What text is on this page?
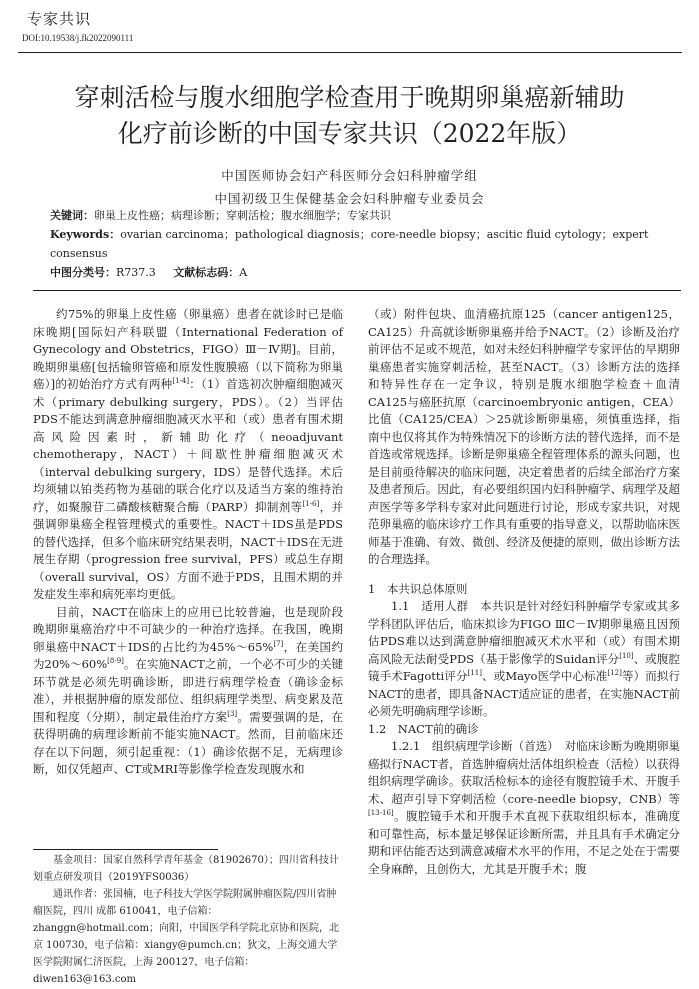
专家共识
DOI:10.19538/j.fk2022090111
穿刺活检与腹水细胞学检查用于晚期卵巢癌新辅助
化疗前诊断的中国专家共识（2022年版）
中国医师协会妇产科医师分会妇科肿瘤学组
中国初级卫生保健基金会妇科肿瘤专业委员会
关键词：卵巢上皮性癌；病理诊断；穿刺活检；腹水细胞学；专家共识
Keywords：ovarian carcinoma；pathological diagnosis；core-needle biopsy；ascitic fluid cytology；expert consensus
中图分类号：R737.3 文献标志码：A

约75%的卵巢上皮性癌（卵巢癌）患者在就诊时已是临床晚期[国际妇产科联盟（International Federation of Gynecology and Obstetrics，FIGO）Ⅲ－Ⅳ期]。目前，晚期卵巢癌[包括输卵管癌和原发性腹膜癌（以下简称为卵巢癌）]的初始治疗方式有两种[1-4]：（1）首选初次肿瘤细胞减灭术（primary debulking surgery，PDS）。（2）当评估PDS不能达到满意肿瘤细胞减灭水平和（或）患者有围术期高风险因素时，新辅助化疗（neoadjuvant chemotherapy，NACT）＋间歇性肿瘤细胞减灭术（interval debulking surgery，IDS）是替代选择。术后均须辅以铂类药物为基础的联合化疗以及适当方案的维持治疗，如聚腺苷二磷酸核糖聚合酶（PARP）抑制剂等[1-6]，并强调卵巢癌全程管理模式的重要性。NACT＋IDS虽是PDS的替代选择，但多个临床研究结果表明，NACT＋IDS在无进展生存期（progression free survival，PFS）或总生存期（overall survival，OS）方面不逊于PDS，且围术期的并发症发生率和病死率均更低。

目前，NACT在临床上的应用已比较普遍，也是现阶段晚期卵巢癌治疗中不可缺少的一种治疗选择。在我国，晚期卵巢癌中NACT＋IDS的占比约为45%～65%[7]，在美国约为20%～60%[8-9]。在实施NACT之前，一个必不可少的关键环节就是必须先明确诊断，即进行病理学检查（确诊金标准），并根据肿瘤的原发部位、组织病理学类型、病变累及范围和程度（分期），制定最佳治疗方案[3]。需要强调的是，在获得明确的病理诊断前不能实施NACT。然而，目前临床还存在以下问题，须引起重视：（1）确诊依据不足，无病理诊断，如仅凭超声、CT或MRI等影像学检查发现腹水和

基金项目：国家自然科学青年基金（81902670）；四川省科技计划重点研发项目（2019YFS0036）

通讯作者：张国楠，电子科技大学医学院附属肿瘤医院/四川省肿瘤医院，四川 成都 610041，电子信箱：zhanggn@hotmail.com；向阳，中国医学科学院北京协和医院，北京 100730，电子信箱：xiangy@pumch.cn；狄文，上海交通大学医学院附属仁济医院，上海 200127，电子信箱：diwen163@163.com

（或）附件包块、血清癌抗原125（cancer antigen125，CA125）升高就诊断卵巢癌并给予NACT。（2）诊断及治疗前评估不足或不规范，如对未经妇科肿瘤学专家评估的早期卵巢癌患者实施穿刺活检，甚至NACT。（3）诊断方法的选择和特异性存在一定争议，特别是腹水细胞学检查＋血清CA125与癌胚抗原（carcinoembryonic antigen，CEA）比值（CA125/CEA）＞25就诊断卵巢癌，须慎重选择，指南中也仅将其作为特殊情况下的诊断方法的替代选择，而不是首选或常规选择。诊断是卵巢癌全程管理体系的源头问题，也是目前亟待解决的临床问题，决定着患者的后续全部治疗方案及患者预后。因此，有必要组织国内妇科肿瘤学、病理学及超声医学等多学科专家对此问题进行讨论，形成专家共识，对规范卵巢癌的临床诊疗工作具有重要的指导意义，以帮助临床医师基于准确、有效、微创、经济及便捷的原则，做出诊断方法的合理选择。

1　本共识总体原则

1.1　适用人群　本共识是针对经妇科肿瘤学专家或其多学科团队评估后，临床拟诊为FIGO ⅢC－Ⅳ期卵巢癌且因预估PDS难以达到满意肿瘤细胞减灭术水平和（或）有围术期高风险无法耐受PDS（基于影像学的Suidan评分[10]、或腹腔镜手术Fagotti评分[11]、或Mayo医学中心标准[12]等）而拟行NACT的患者，即具备NACT适应证的患者，在实施NACT前必须先明确病理学诊断。

1.2　NACT前的确诊

1.2.1　组织病理学诊断（首选）　对临床诊断为晚期卵巢癌拟行NACT者，首选肿瘤病灶活体组织检查（活检）以获得组织病理学确诊。获取活检标本的途径有腹腔镜手术、开腹手术、超声引导下穿刺活检（core-needle biopsy，CNB）等[13-16]。腹腔镜手术和开腹手术直视下获取组织标本，准确度和可靠性高，标本量足够保证诊断所需，并且具有手术确定分期和评估能否达到满意减瘤术水平的作用，不足之处在于需要全身麻醉，且创伤大，尤其是开腹手术；腹
